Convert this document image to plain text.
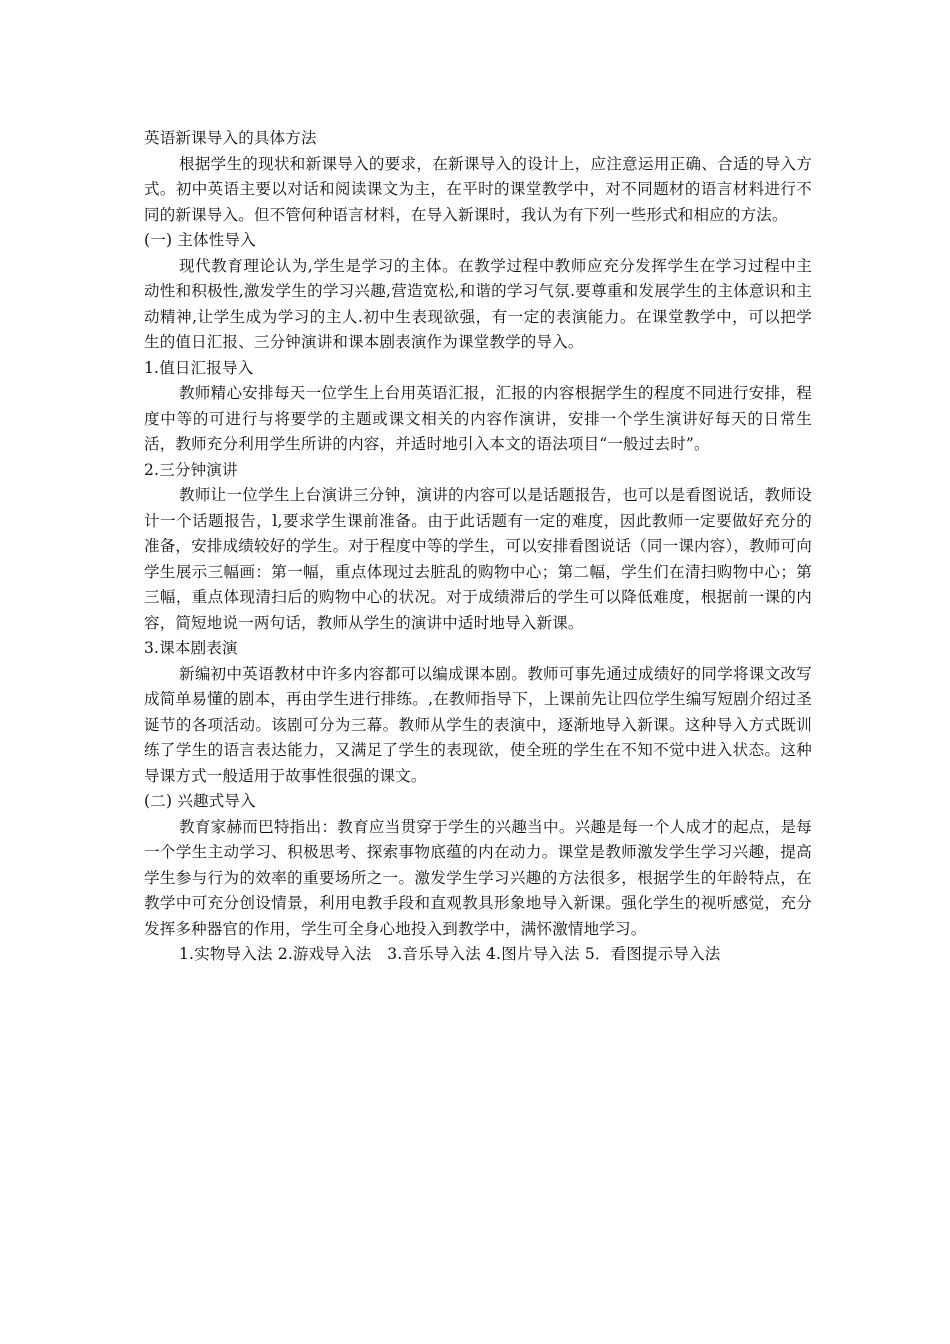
英语新课导入的具体方法

根据学生的现状和新课导入的要求，在新课导入的设计上，应注意运用正确、合适的导入方式。初中英语主要以对话和阅读课文为主，在平时的课堂教学中，对不同题材的语言材料进行不同的新课导入。但不管何种语言材料，在导入新课时，我认为有下列一些形式和相应的方法。

(一) 主体性导入

现代教育理论认为,学生是学习的主体。在教学过程中教师应充分发挥学生在学习过程中主动性和积极性,激发学生的学习兴趣,营造宽松,和谐的学习气氛.要尊重和发展学生的主体意识和主动精神,让学生成为学习的主人.初中生表现欲强，有一定的表演能力。在课堂教学中，可以把学生的值日汇报、三分钟演讲和课本剧表演作为课堂教学的导入。

1.值日汇报导入

教师精心安排每天一位学生上台用英语汇报，汇报的内容根据学生的程度不同进行安排，程度中等的可进行与将要学的主题或课文相关的内容作演讲，安排一个学生演讲好每天的日常生活，教师充分利用学生所讲的内容，并适时地引入本文的语法项目“一般过去时”。

2.三分钟演讲

教师让一位学生上台演讲三分钟，演讲的内容可以是话题报告，也可以是看图说话，教师设计一个话题报告，l,要求学生课前准备。由于此话题有一定的难度，因此教师一定要做好充分的准备，安排成绩较好的学生。对于程度中等的学生，可以安排看图说话（同一课内容），教师可向学生展示三幅画：第一幅，重点体现过去脏乱的购物中心；第二幅，学生们在清扫购物中心；第三幅，重点体现清扫后的购物中心的状况。对于成绩滞后的学生可以降低难度，根据前一课的内容，简短地说一两句话，教师从学生的演讲中适时地导入新课。

3.课本剧表演

新编初中英语教材中许多内容都可以编成课本剧。教师可事先通过成绩好的同学将课文改写成简单易懂的剧本，再由学生进行排练。,在教师指导下，上课前先让四位学生编写短剧介绍过圣诞节的各项活动。该剧可分为三幕。教师从学生的表演中，逐渐地导入新课。这种导入方式既训练了学生的语言表达能力，又满足了学生的表现欲，使全班的学生在不知不觉中进入状态。这种导课方式一般适用于故事性很强的课文。

(二) 兴趣式导入

教育家赫而巴特指出：教育应当贯穿于学生的兴趣当中。兴趣是每一个人成才的起点，是每一个学生主动学习、积极思考、探索事物底蕴的内在动力。课堂是教师激发学生学习兴趣，提高学生参与行为的效率的重要场所之一。激发学生学习兴趣的方法很多，根据学生的年龄特点，在教学中可充分创设情景，利用电教手段和直观教具形象地导入新课。强化学生的视听感觉，充分发挥多种器官的作用，学生可全身心地投入到教学中，满怀激情地学习。

1.实物导入法 2.游戏导入法　3.音乐导入法 4.图片导入法 5．看图提示导入法
